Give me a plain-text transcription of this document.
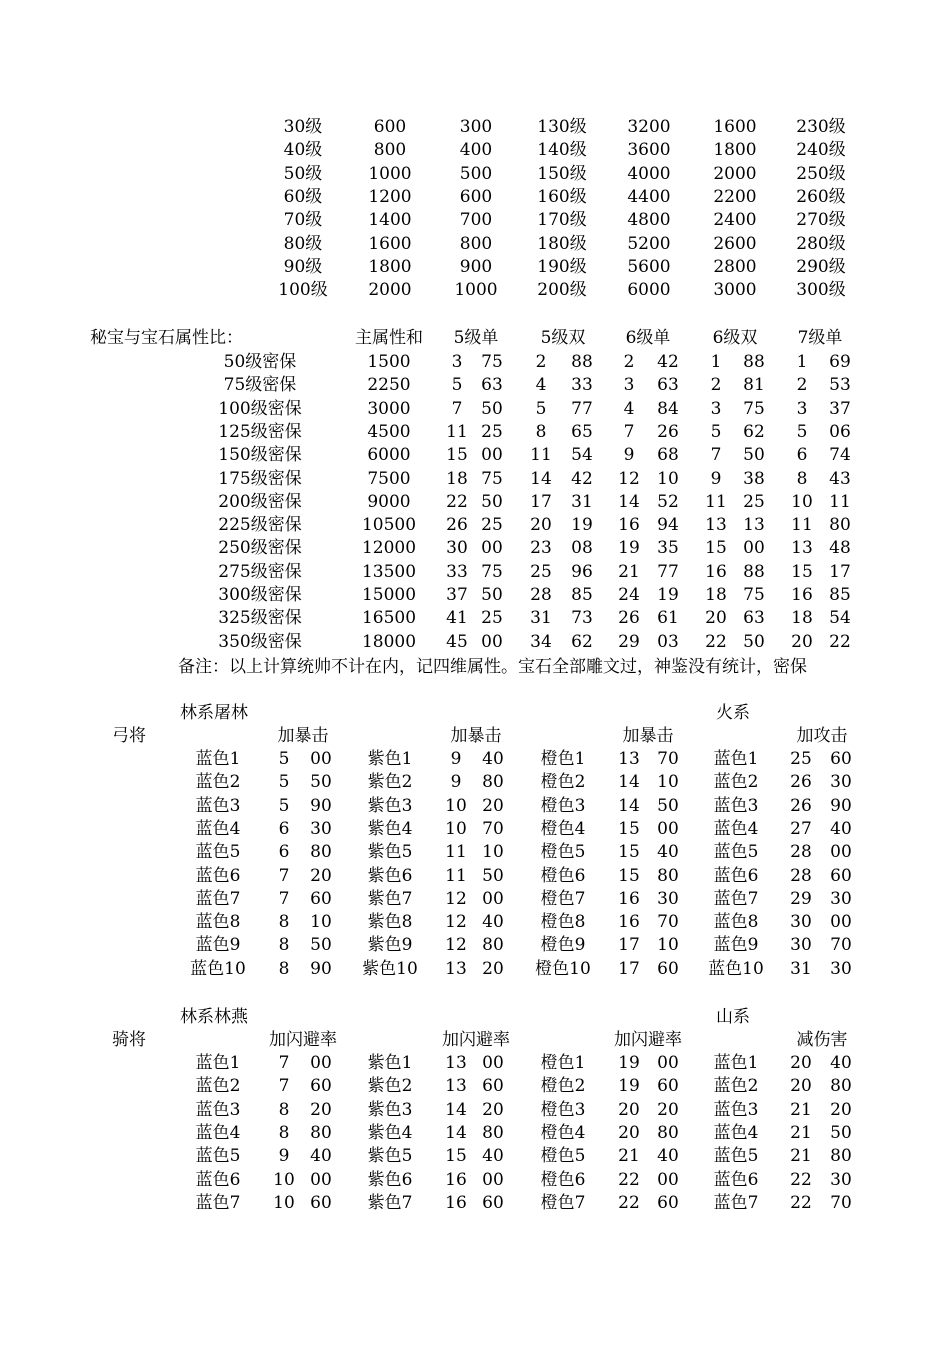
30级	600	300	130级	3200	1600	230级
40级	800	400	140级	3600	1800	240级
50级	1000	500	150级	4000	2000	250级
60级	1200	600	160级	4400	2200	260级
70级	1400	700	170级	4800	2400	270级
80级	1600	800	180级	5200	2600	280级
90级	1800	900	190级	5600	2800	290级
100级	2000	1000	200级	6000	3000	300级
秘宝与宝石属性比：	主属性和	5级单	5级双	6级单	6级双	7级单
50级密保	1500	3	75	2	88	2	42	1	88	1	69
75级密保	2250	5	63	4	33	3	63	2	81	2	53
100级密保	3000	7	50	5	77	4	84	3	75	3	37
125级密保	4500	11 25	8	65	7	26	5	62	5	06
150级密保	6000	15 00	11	54	9	68	7	50	6	74
175级密保	7500	18 75	14	42	12	10	9	38	8	43
200级密保	9000	22 50	17	31	14	52	11 25	10 11
225级密保	10500	26 25	20	19	16	94	13 13	11 80
250级密保	12000	30 00	23	08	19	35	15 00	13 48
275级密保	13500	33 75	25	96	21	77	16 88	15 17
300级密保	15000	37 50	28	85	24	19	18 75	16 85
325级密保	16500	41 25	31	73	26	61	20 63	18 54
350级密保	18000	45 00	34	62	29	03	22 50	20 22
备注：以上计算统帅不计在内，记四维属性。宝石全部雕文过，神鉴没有统计，密保
林系屠林	火系
弓将	加暴击	加暴击	加暴击	加攻击
蓝色1	5	00	紫色1	9	40	橙色1	13	70	蓝色1	25	60
蓝色2	5	50	紫色2	9	80	橙色2	14	10	蓝色2	26	30
蓝色3	5	90	紫色3	10 20	橙色3	14	50	蓝色3	26	90
蓝色4	6	30	紫色4	10 70	橙色4	15	00	蓝色4	27	40
蓝色5	6	80	紫色5	11 10	橙色5	15	40	蓝色5	28	00
蓝色6	7	20	紫色6	11 50	橙色6	15	80	蓝色6	28	60
蓝色7	7	60	紫色7	12 00	橙色7	16	30	蓝色7	29	30
蓝色8	8	10	紫色8	12 40	橙色8	16	70	蓝色8	30	00
蓝色9	8	50	紫色9	12 80	橙色9	17	10	蓝色9	30	70
蓝色10	8	90	紫色10	13 20	橙色10	17	60	蓝色10	31	30
林系林燕	山系
骑将	加闪避率	加闪避率	加闪避率	减伤害
蓝色1	7	00	紫色1	13 00	橙色1	19	00	蓝色1	20	40
蓝色2	7	60	紫色2	13 60	橙色2	19	60	蓝色2	20	80
蓝色3	8	20	紫色3	14 20	橙色3	20	20	蓝色3	21	20
蓝色4	8	80	紫色4	14 80	橙色4	20	80	蓝色4	21	50
蓝色5	9	40	紫色5	15 40	橙色5	21	40	蓝色5	21	80
蓝色6	10 00	紫色6	16 00	橙色6	22	00	蓝色6	22	30
蓝色7	10 60	紫色7	16 60	橙色7	22	60	蓝色7	22	70
